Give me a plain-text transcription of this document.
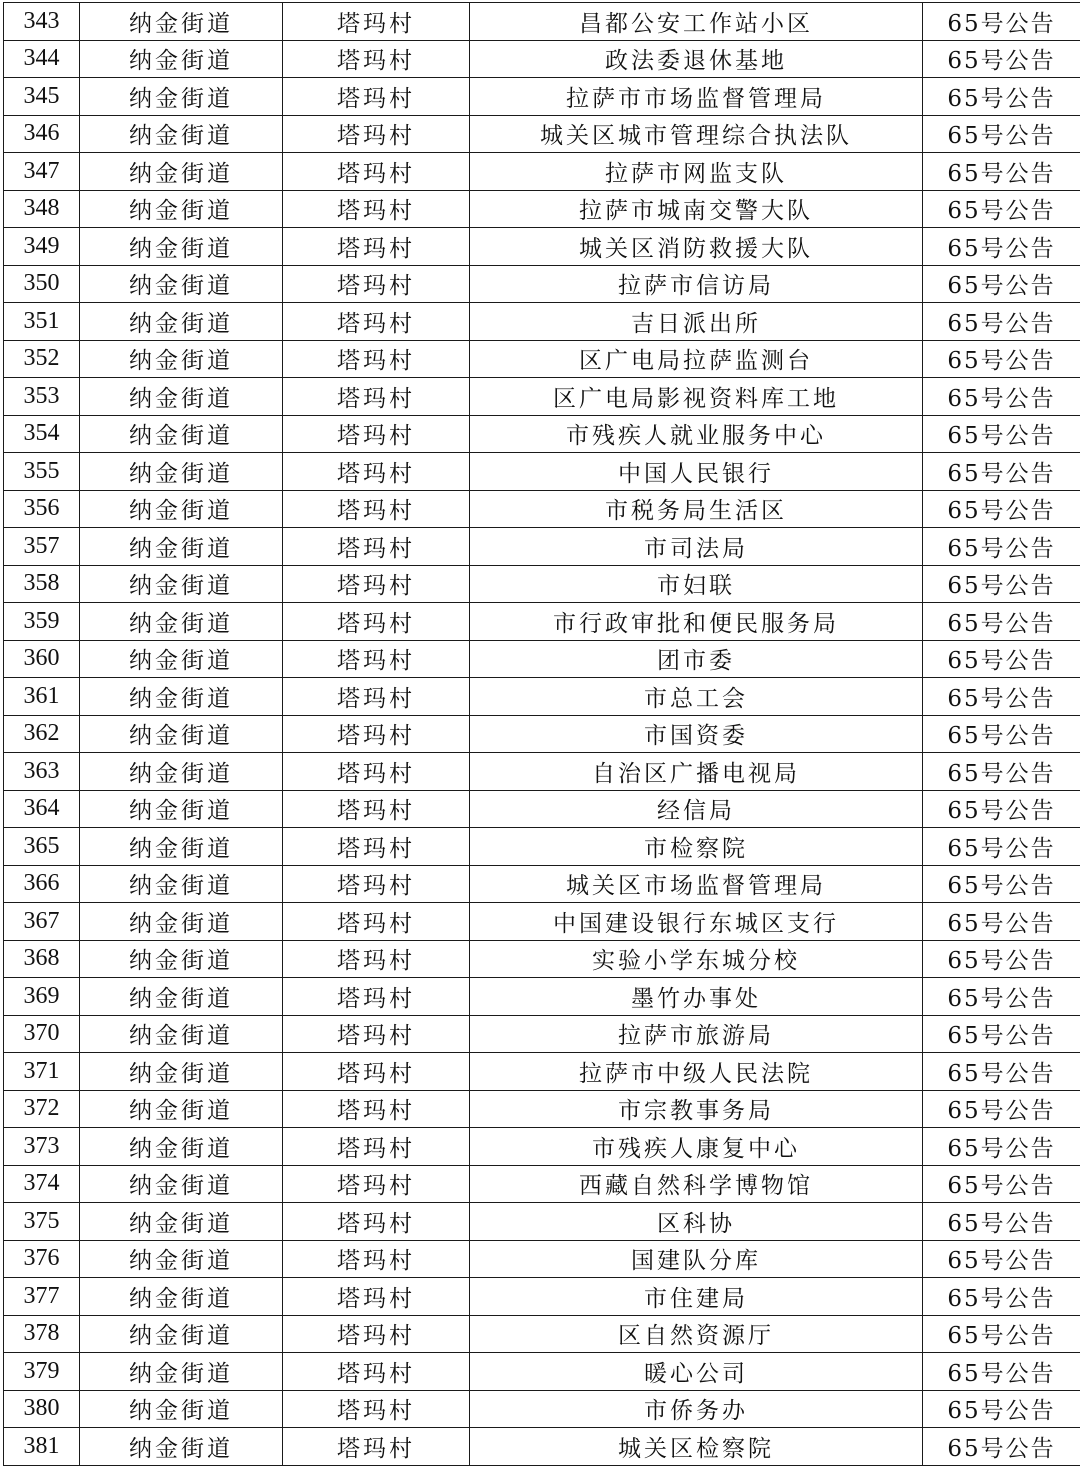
343	纳金街道	塔玛村	昌都公安工作站小区	65号公告
344	纳金街道	塔玛村	政法委退休基地	65号公告
345	纳金街道	塔玛村	拉萨市市场监督管理局	65号公告
346	纳金街道	塔玛村	城关区城市管理综合执法队	65号公告
347	纳金街道	塔玛村	拉萨市网监支队	65号公告
348	纳金街道	塔玛村	拉萨市城南交警大队	65号公告
349	纳金街道	塔玛村	城关区消防救援大队	65号公告
350	纳金街道	塔玛村	拉萨市信访局	65号公告
351	纳金街道	塔玛村	吉日派出所	65号公告
352	纳金街道	塔玛村	区广电局拉萨监测台	65号公告
353	纳金街道	塔玛村	区广电局影视资料库工地	65号公告
354	纳金街道	塔玛村	市残疾人就业服务中心	65号公告
355	纳金街道	塔玛村	中国人民银行	65号公告
356	纳金街道	塔玛村	市税务局生活区	65号公告
357	纳金街道	塔玛村	市司法局	65号公告
358	纳金街道	塔玛村	市妇联	65号公告
359	纳金街道	塔玛村	市行政审批和便民服务局	65号公告
360	纳金街道	塔玛村	团市委	65号公告
361	纳金街道	塔玛村	市总工会	65号公告
362	纳金街道	塔玛村	市国资委	65号公告
363	纳金街道	塔玛村	自治区广播电视局	65号公告
364	纳金街道	塔玛村	经信局	65号公告
365	纳金街道	塔玛村	市检察院	65号公告
366	纳金街道	塔玛村	城关区市场监督管理局	65号公告
367	纳金街道	塔玛村	中国建设银行东城区支行	65号公告
368	纳金街道	塔玛村	实验小学东城分校	65号公告
369	纳金街道	塔玛村	墨竹办事处	65号公告
370	纳金街道	塔玛村	拉萨市旅游局	65号公告
371	纳金街道	塔玛村	拉萨市中级人民法院	65号公告
372	纳金街道	塔玛村	市宗教事务局	65号公告
373	纳金街道	塔玛村	市残疾人康复中心	65号公告
374	纳金街道	塔玛村	西藏自然科学博物馆	65号公告
375	纳金街道	塔玛村	区科协	65号公告
376	纳金街道	塔玛村	国建队分库	65号公告
377	纳金街道	塔玛村	市住建局	65号公告
378	纳金街道	塔玛村	区自然资源厅	65号公告
379	纳金街道	塔玛村	暖心公司	65号公告
380	纳金街道	塔玛村	市侨务办	65号公告
381	纳金街道	塔玛村	城关区检察院	65号公告
